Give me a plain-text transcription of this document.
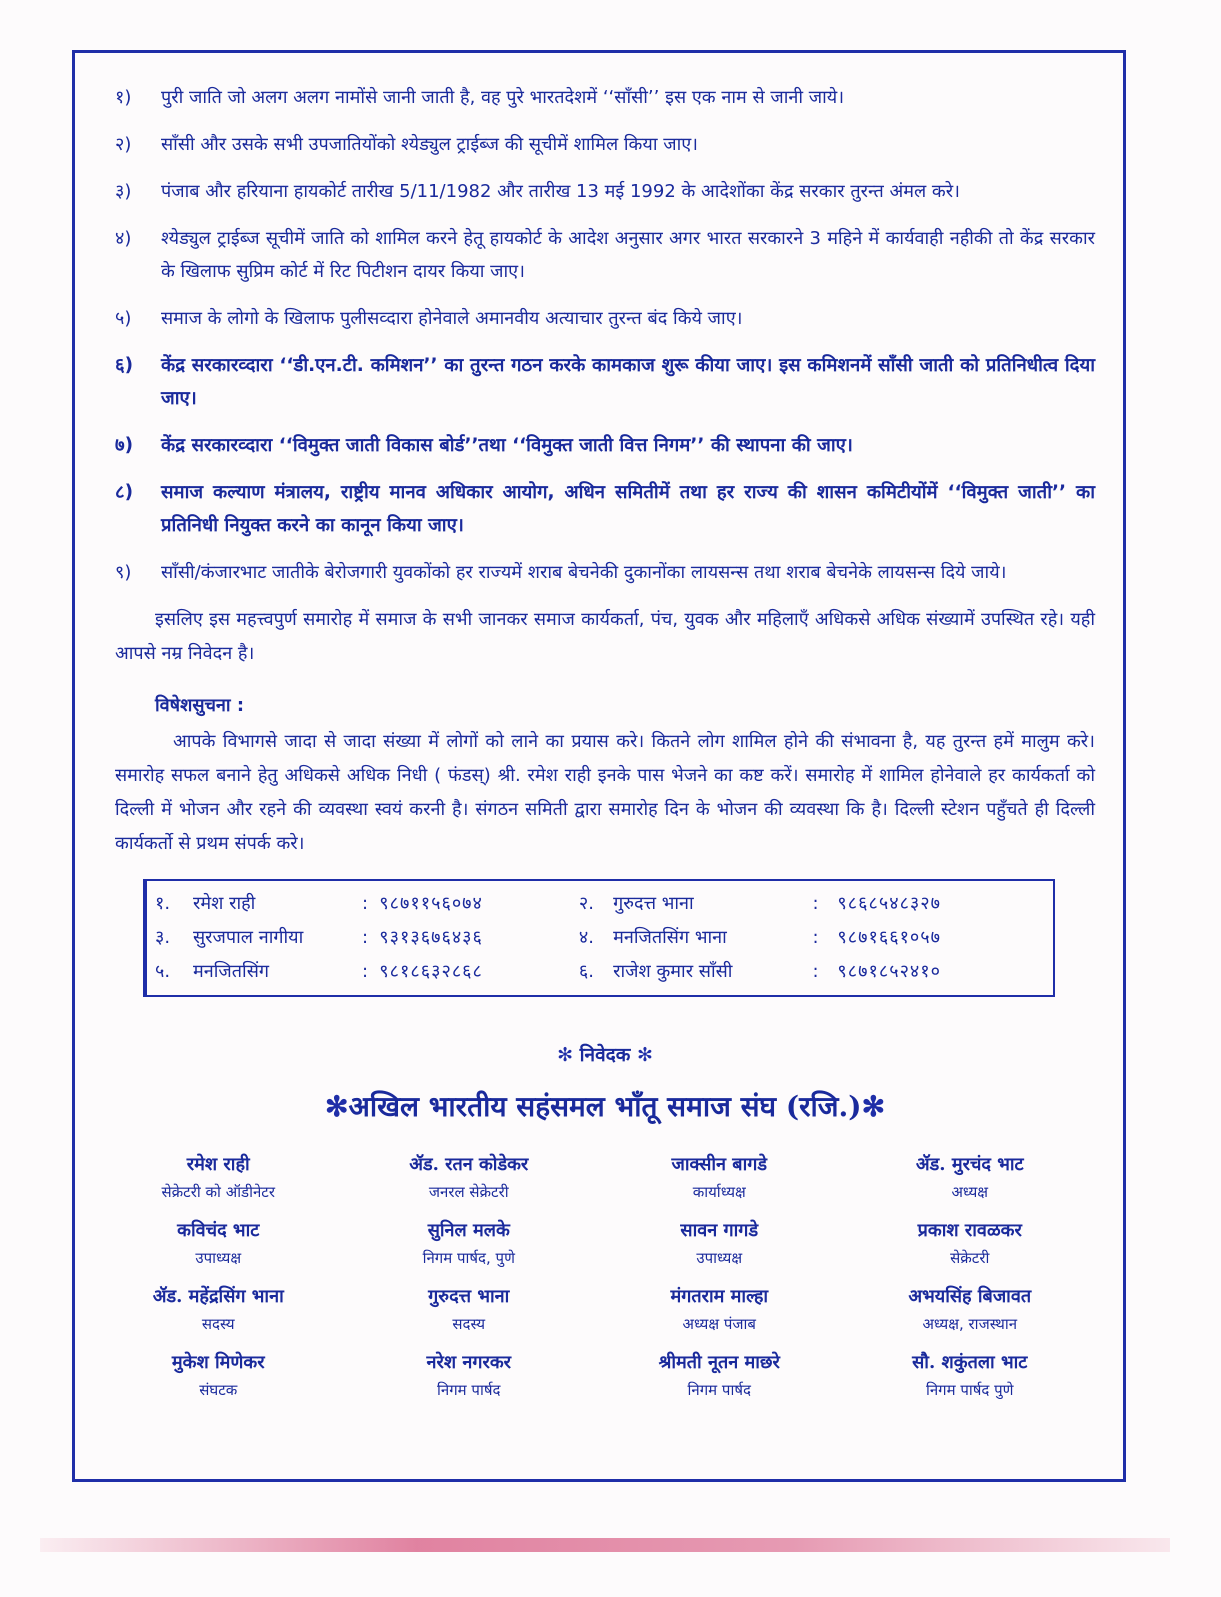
१)	पुरी जाति जो अलग अलग नामोंसे जानी जाती है, वह पुरे भारतदेशमें ‘‘साँसी’’ इस एक नाम से जानी जाये।
२)	साँसी और उसके सभी उपजातियोंको श्येड्युल ट्राईब्ज की सूचीमें शामिल किया जाए।
३)	पंजाब और हरियाना हायकोर्ट तारीख 5/11/1982 और तारीख 13 मई 1992 के आदेशोंका केंद्र सरकार तुरन्त अंमल करे।
४)	श्येड्युल ट्राईब्ज सूचीमें जाति को शामिल करने हेतू हायकोर्ट के आदेश अनुसार अगर भारत सरकारने 3 महिने में कार्यवाही नहीकी तो केंद्र सरकार के खिलाफ सुप्रिम कोर्ट में रिट पिटीशन दायर किया जाए।
५)	समाज के लोगो के खिलाफ पुलीसव्दारा होनेवाले अमानवीय अत्याचार तुरन्त बंद किये जाए।
६)	केंद्र सरकारव्दारा ‘‘डी.एन.टी. कमिशन’’ का तुरन्त गठन करके कामकाज शुरू कीया जाए। इस कमिशनमें साँसी जाती को प्रतिनिधीत्व दिया जाए।
७)	केंद्र सरकारव्दारा ‘‘विमुक्त जाती विकास बोर्ड’’तथा ‘‘विमुक्त जाती वित्त निगम’’ की स्थापना की जाए।
८)	समाज कल्याण मंत्रालय, राष्ट्रीय मानव अधिकार आयोग, अधिन समितीमें तथा हर राज्य की शासन कमिटीयोंमें ‘‘विमुक्त जाती’’ का प्रतिनिधी नियुक्त करने का कानून किया जाए।
९)	साँसी/कंजारभाट जातीके बेरोजगारी युवकोंको हर राज्यमें शराब बेचनेकी दुकानोंका लायसन्स तथा शराब बेचनेके लायसन्स दिये जाये।
इसलिए इस महत्त्वपुर्ण समारोह में समाज के सभी जानकर समाज कार्यकर्ता, पंच, युवक और महिलाएँ अधिकसे अधिक संख्यामें उपस्थित रहे। यही आपसे नम्र निवेदन है।
विषेशसुचना :
आपके विभागसे जादा से जादा संख्या में लोगों को लाने का प्रयास करे। कितने लोग शामिल होने की संभावना है, यह तुरन्त हमें मालुम करे। समारोह सफल बनाने हेतु अधिकसे अधिक निधी ( फंडस्) श्री. रमेश राही इनके पास भेजने का कष्ट करें। समारोह में शामिल होनेवाले हर कार्यकर्ता को दिल्ली में भोजन और रहने की व्यवस्था स्वयं करनी है। संगठन समिती द्वारा समारोह दिन के भोजन की व्यवस्था कि है। दिल्ली स्टेशन पहुँचते ही दिल्ली कार्यकर्तो से प्रथम संपर्क करे।
१.	रमेश राही	: ९८७११५६०७४	२.	गुरुदत्त भाना	:	९८६८५४८३२७
३.	सुरजपाल नागीया	: ९३१३६७६४३६	४.	मनजितसिंग भाना	:	९८७१६६१०५७
५.	मनजितसिंग	: ९८१८६३२८६८	६.	राजेश कुमार साँसी	:	९८७१८५२४१०
✻ निवेदक ✻
✻अखिल भारतीय सहंसमल भाँतू समाज संघ (रजि.)✻
रमेश राही
सेक्रेटरी को ऑडीनेटर
ॲड. रतन कोडेकर
जनरल सेक्रेटरी
जाक्सीन बागडे
कार्याध्यक्ष
ॲड. मुरचंद भाट
अध्यक्ष
कविचंद भाट
उपाध्यक्ष
सुनिल मलके
निगम पार्षद, पुणे
सावन गागडे
उपाध्यक्ष
प्रकाश रावळकर
सेक्रेटरी
ॲड. महेंद्रसिंग भाना
सदस्य
गुरुदत्त भाना
सदस्य
मंगतराम माल्हा
अध्यक्ष पंजाब
अभयसिंह बिजावत
अध्यक्ष, राजस्थान
मुकेश मिणेकर
संघटक
नरेश नगरकर
निगम पार्षद
श्रीमती नूतन माछरे
निगम पार्षद
सौ. शकुंतला भाट
निगम पार्षद पुणे
